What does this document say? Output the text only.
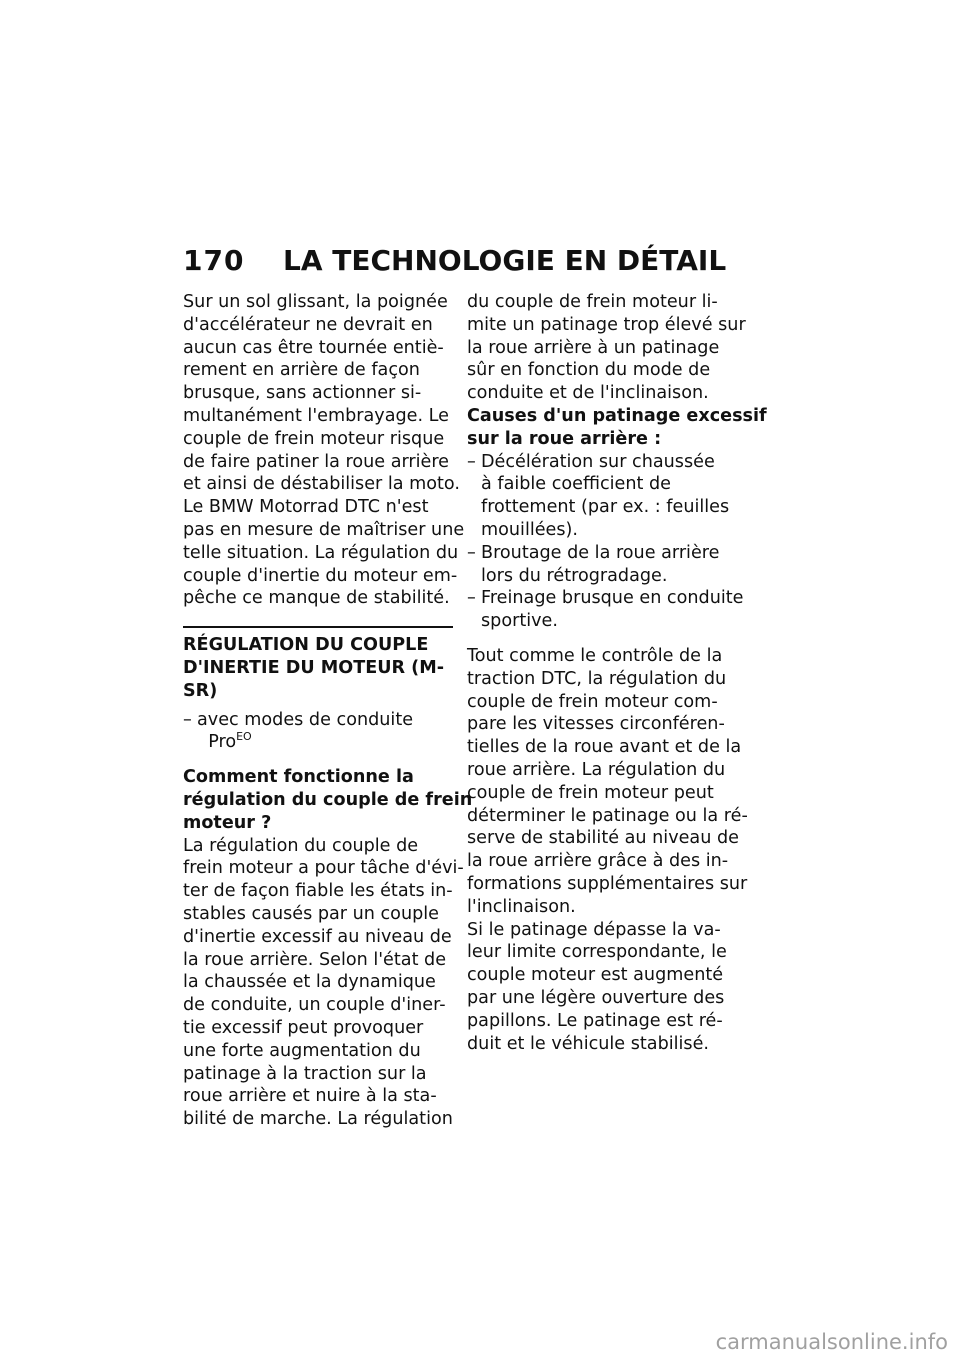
170 LA TECHNOLOGIE EN DÉTAIL

Sur un sol glissant, la poignée
d'accélérateur ne devrait en
aucun cas être tournée entiè-
rement en arrière de façon
brusque, sans actionner si-
multanément l'embrayage. Le
couple de frein moteur risque
de faire patiner la roue arrière
et ainsi de déstabiliser la moto.
Le BMW Motorrad DTC n'est
pas en mesure de maîtriser une
telle situation. La régulation du
couple d'inertie du moteur em-
pêche ce manque de stabilité.

RÉGULATION DU COUPLE
D'INERTIE DU MOTEUR (M-
SR)
– avec modes de conduite
Pro$^{EO}$
Comment fonctionne la
régulation du couple de frein
moteur ?

La régulation du couple de
frein moteur a pour tâche d'évi-
ter de façon fiable les états in-
stables causés par un couple
d'inertie excessif au niveau de
la roue arrière. Selon l'état de
la chaussée et la dynamique
de conduite, un couple d'iner-
tie excessif peut provoquer
une forte augmentation du
patinage à la traction sur la
roue arrière et nuire à la sta-
bilité de marche. La régulation

du couple de frein moteur li-
mite un patinage trop élevé sur
la roue arrière à un patinage
sûr en fonction du mode de
conduite et de l'inclinaison.

Causes d'un patinage excessif
sur la roue arrière :
– Décélération sur chaussée
à faible coefficient de
frottement (par ex. : feuilles
mouillées).
– Broutage de la roue arrière
lors du rétrogradage.
– Freinage brusque en conduite
sportive.

Tout comme le contrôle de la
traction DTC, la régulation du
couple de frein moteur com-
pare les vitesses circonféren-
tielles de la roue avant et de la
roue arrière. La régulation du
couple de frein moteur peut
déterminer le patinage ou la ré-
serve de stabilité au niveau de
la roue arrière grâce à des in-
formations supplémentaires sur
l'inclinaison.

Si le patinage dépasse la va-
leur limite correspondante, le
couple moteur est augmenté
par une légère ouverture des
papillons. Le patinage est ré-
duit et le véhicule stabilisé.

carmanualsonline.info
